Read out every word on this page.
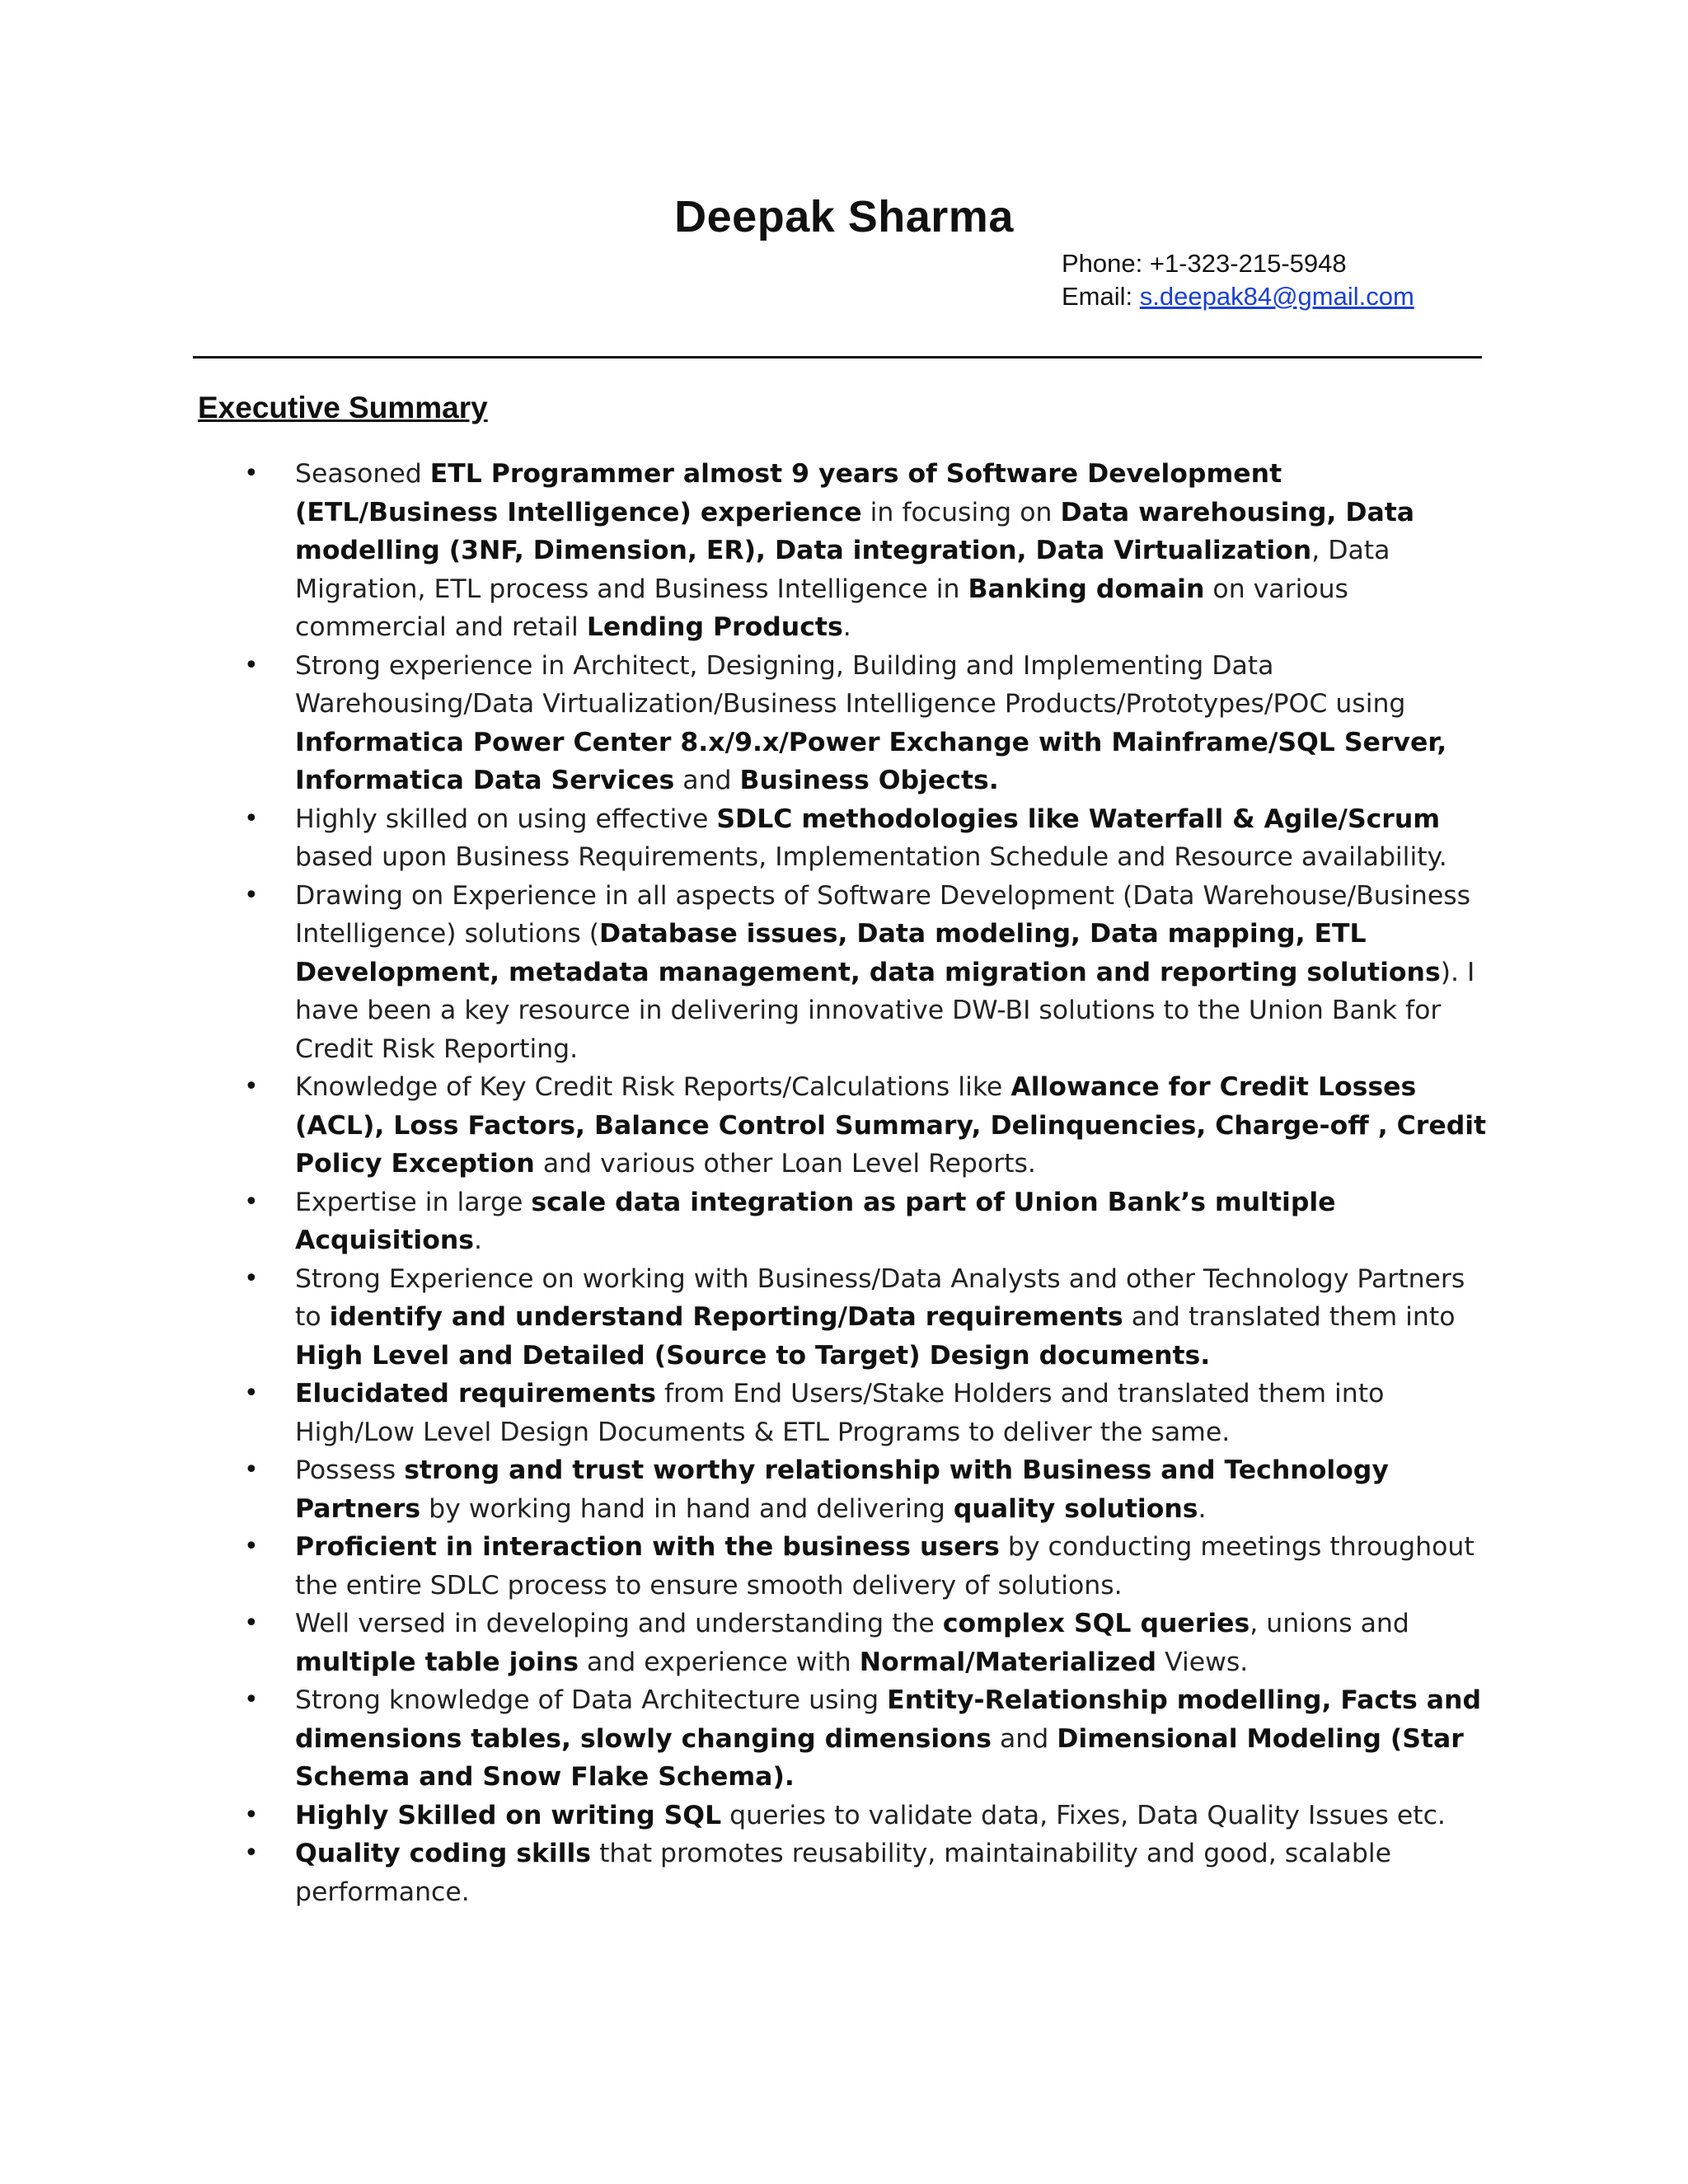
Deepak Sharma
Phone: +1-323-215-5948
Email: s.deepak84@gmail.com
Executive Summary
• Seasoned ETL Programmer almost 9 years of Software Development (ETL/Business Intelligence) experience in focusing on Data warehousing, Data modelling (3NF, Dimension, ER), Data integration, Data Virtualization, Data Migration, ETL process and Business Intelligence in Banking domain on various commercial and retail Lending Products.
• Strong experience in Architect, Designing, Building and Implementing Data Warehousing/Data Virtualization/Business Intelligence Products/Prototypes/POC using Informatica Power Center 8.x/9.x/Power Exchange with Mainframe/SQL Server, Informatica Data Services and Business Objects.
• Highly skilled on using effective SDLC methodologies like Waterfall & Agile/Scrum based upon Business Requirements, Implementation Schedule and Resource availability.
• Drawing on Experience in all aspects of Software Development (Data Warehouse/Business Intelligence) solutions (Database issues, Data modeling, Data mapping, ETL Development, metadata management, data migration and reporting solutions). I have been a key resource in delivering innovative DW-BI solutions to the Union Bank for Credit Risk Reporting.
• Knowledge of Key Credit Risk Reports/Calculations like Allowance for Credit Losses (ACL), Loss Factors, Balance Control Summary, Delinquencies, Charge-off , Credit Policy Exception and various other Loan Level Reports.
• Expertise in large scale data integration as part of Union Bank’s multiple Acquisitions.
• Strong Experience on working with Business/Data Analysts and other Technology Partners to identify and understand Reporting/Data requirements and translated them into High Level and Detailed (Source to Target) Design documents.
• Elucidated requirements from End Users/Stake Holders and translated them into High/Low Level Design Documents & ETL Programs to deliver the same.
• Possess strong and trust worthy relationship with Business and Technology Partners by working hand in hand and delivering quality solutions.
• Proficient in interaction with the business users by conducting meetings throughout the entire SDLC process to ensure smooth delivery of solutions.
• Well versed in developing and understanding the complex SQL queries, unions and multiple table joins and experience with Normal/Materialized Views.
• Strong knowledge of Data Architecture using Entity-Relationship modelling, Facts and dimensions tables, slowly changing dimensions and Dimensional Modeling (Star Schema and Snow Flake Schema).
• Highly Skilled on writing SQL queries to validate data, Fixes, Data Quality Issues etc.
• Quality coding skills that promotes reusability, maintainability and good, scalable performance.
